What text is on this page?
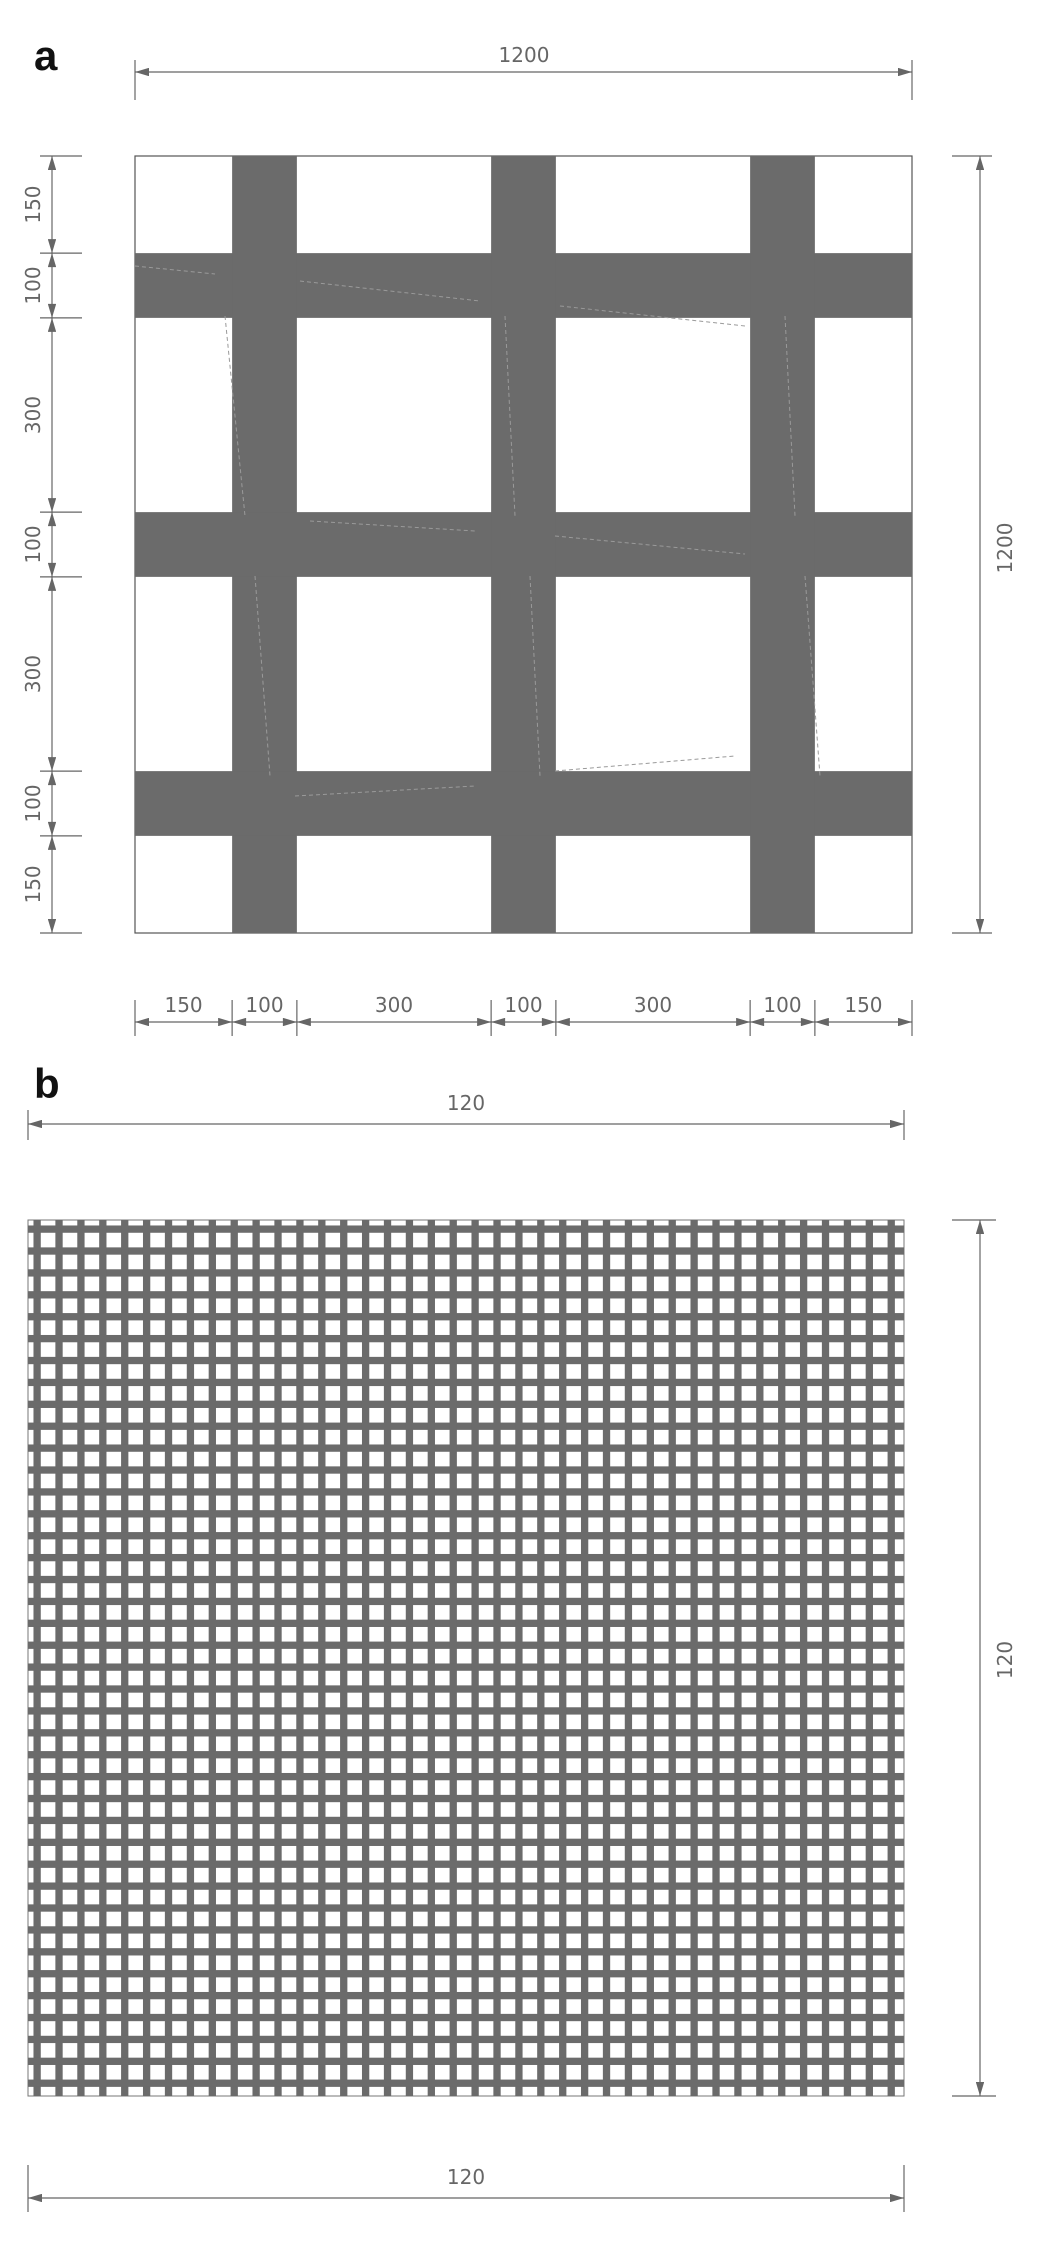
a
b
1200
1200
150
100
300
100
300
100
150
150 100	300	100	300	100 150
120
120
120
